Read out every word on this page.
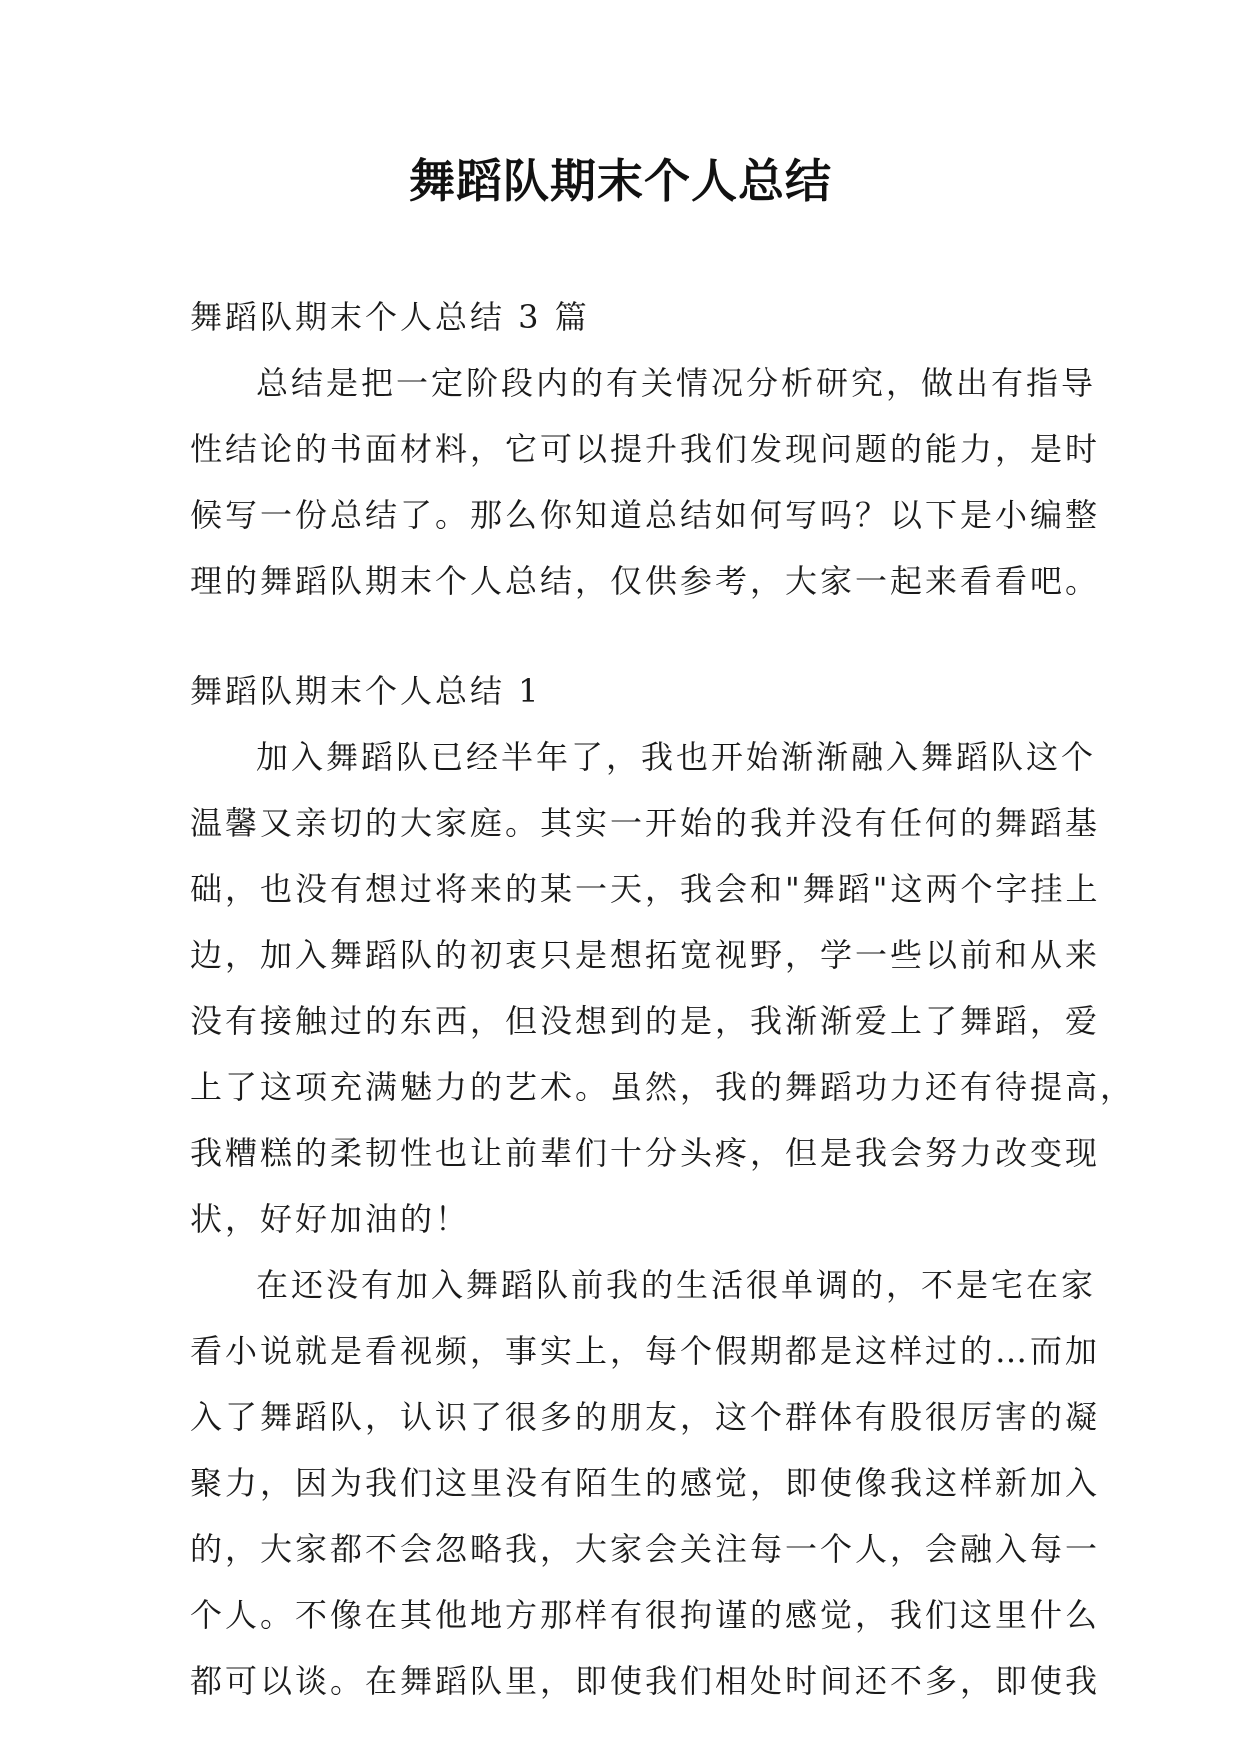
舞蹈队期末个人总结

舞蹈队期末个人总结 3 篇

总结是把一定阶段内的有关情况分析研究，做出有指导

性结论的书面材料，它可以提升我们发现问题的能力，是时

候写一份总结了。那么你知道总结如何写吗？以下是小编整

理的舞蹈队期末个人总结，仅供参考，大家一起来看看吧。

舞蹈队期末个人总结 1

加入舞蹈队已经半年了，我也开始渐渐融入舞蹈队这个

温馨又亲切的大家庭。其实一开始的我并没有任何的舞蹈基

础，也没有想过将来的某一天，我会和"舞蹈"这两个字挂上

边，加入舞蹈队的初衷只是想拓宽视野，学一些以前和从来

没有接触过的东西，但没想到的是，我渐渐爱上了舞蹈，爱

上了这项充满魅力的艺术。虽然，我的舞蹈功力还有待提高，

我糟糕的柔韧性也让前辈们十分头疼，但是我会努力改变现

状，好好加油的！

在还没有加入舞蹈队前我的生活很单调的，不是宅在家

看小说就是看视频，事实上，每个假期都是这样过的…而加

入了舞蹈队，认识了很多的朋友，这个群体有股很厉害的凝

聚力，因为我们这里没有陌生的感觉，即使像我这样新加入

的，大家都不会忽略我，大家会关注每一个人，会融入每一

个人。不像在其他地方那样有很拘谨的感觉，我们这里什么

都可以谈。在舞蹈队里，即使我们相处时间还不多，即使我
